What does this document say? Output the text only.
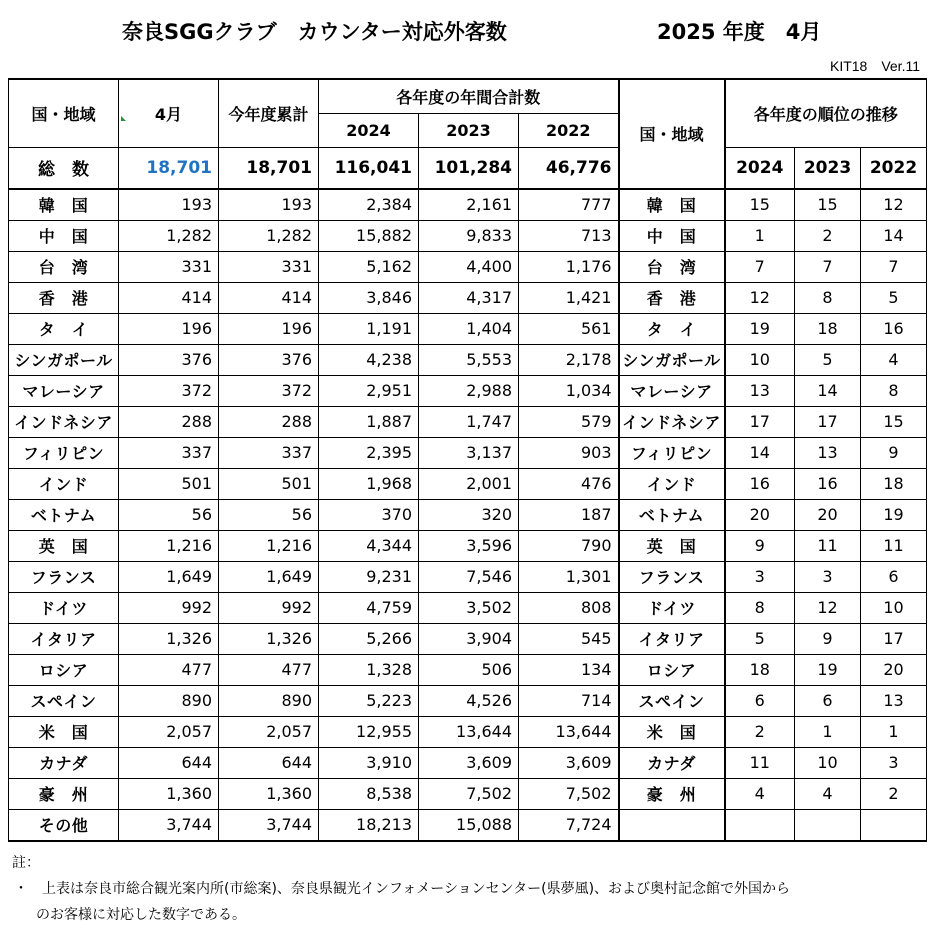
奈良SGGクラブ　カウンター対応外客数	2025 年度　4月
KIT18　Ver.11
国・地域	4月	今年度累計	各年度の年間合計数			国・地域	各年度の順位の推移		
			2024	2023	2022				
総　数	18,701	18,701	116,041	101,284	46,776		2024	2023	2022
韓　国	193	193	2,384	2,161	777	韓　国	15	15	12
中　国	1,282	1,282	15,882	9,833	713	中　国	1	2	14
台　湾	331	331	5,162	4,400	1,176	台　湾	7	7	7
香　港	414	414	3,846	4,317	1,421	香　港	12	8	5
タ　イ	196	196	1,191	1,404	561	タ　イ	19	18	16
シンガポール	376	376	4,238	5,553	2,178	シンガポール	10	5	4
マレーシア	372	372	2,951	2,988	1,034	マレーシア	13	14	8
インドネシア	288	288	1,887	1,747	579	インドネシア	17	17	15
フィリピン	337	337	2,395	3,137	903	フィリピン	14	13	9
インド	501	501	1,968	2,001	476	インド	16	16	18
ベトナム	56	56	370	320	187	ベトナム	20	20	19
英　国	1,216	1,216	4,344	3,596	790	英　国	9	11	11
フランス	1,649	1,649	9,231	7,546	1,301	フランス	3	3	6
ドイツ	992	992	4,759	3,502	808	ドイツ	8	12	10
イタリア	1,326	1,326	5,266	3,904	545	イタリア	5	9	17
ロシア	477	477	1,328	506	134	ロシア	18	19	20
スペイン	890	890	5,223	4,526	714	スペイン	6	6	13
米　国	2,057	2,057	12,955	13,644	13,644	米　国	2	1	1
カナダ	644	644	3,910	3,609	3,609	カナダ	11	10	3
豪　州	1,360	1,360	8,538	7,502	7,502	豪　州	4	4	2
その他	3,744	3,744	18,213	15,088	7,724				
註：
・　上表は奈良市総合観光案内所(市総案)、奈良県観光インフォメーションセンター(県夢風)、および奥村記念館で外国から
のお客様に対応した数字である。
